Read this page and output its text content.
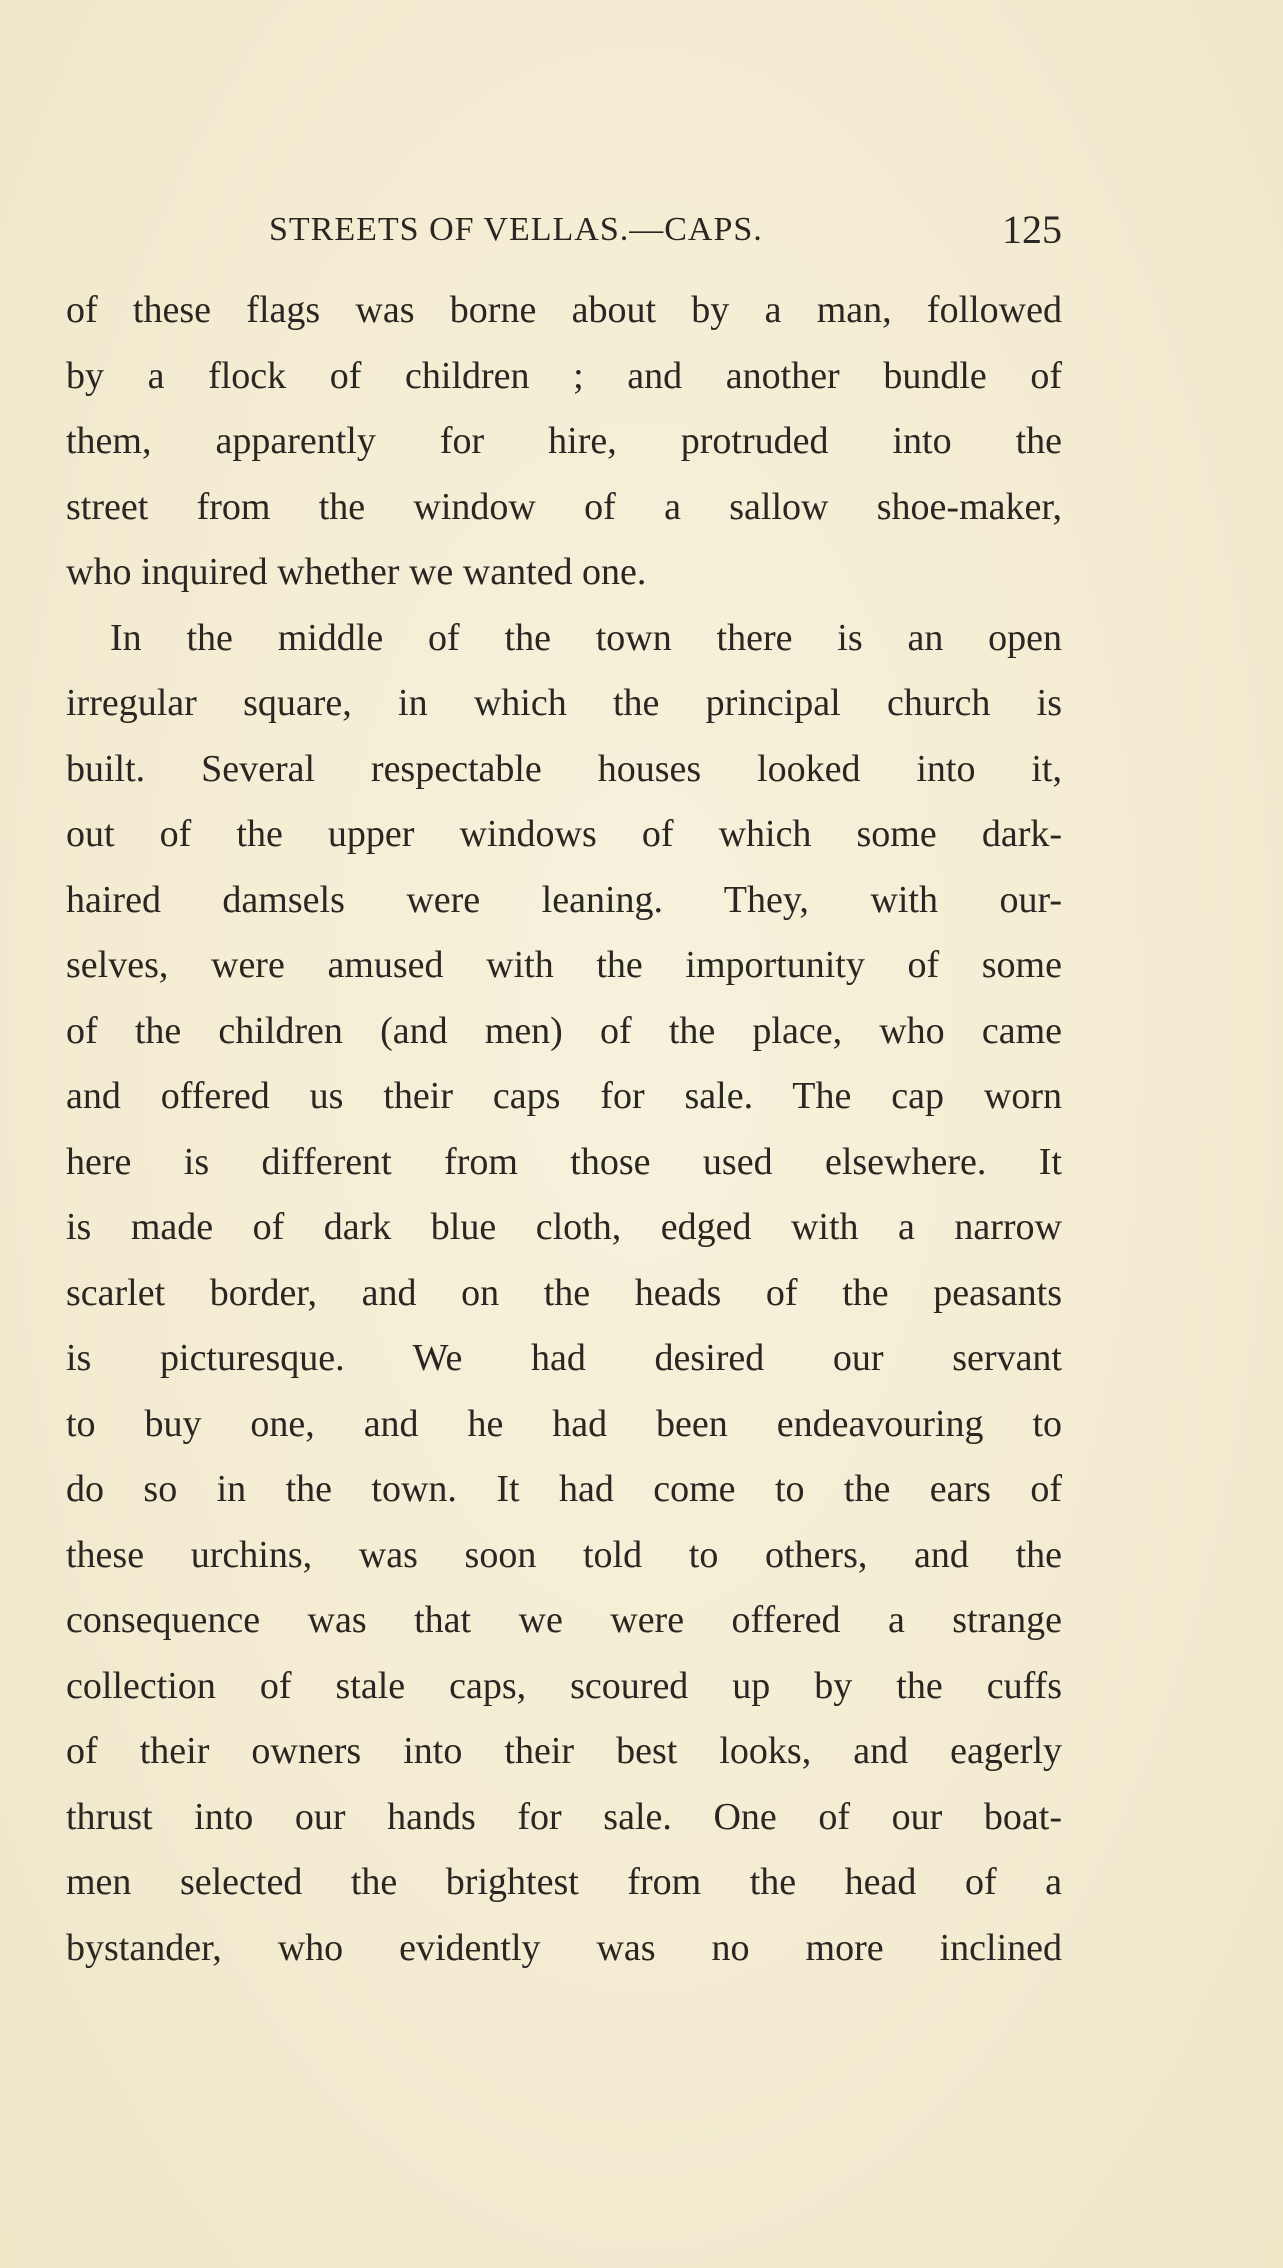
STREETS OF VELLAS.—CAPS.	125
of these flags was borne about by a man, followed
by a flock of children ; and another bundle of
them, apparently for hire, protruded into the
street from the window of a sallow shoe-maker,
who inquired whether we wanted one.
In the middle of the town there is an open
irregular square, in which the principal church is
built. Several respectable houses looked into it,
out of the upper windows of which some dark-
haired damsels were leaning. They, with our-
selves, were amused with the importunity of some
of the children (and men) of the place, who came
and offered us their caps for sale. The cap worn
here is different from those used elsewhere. It
is made of dark blue cloth, edged with a narrow
scarlet border, and on the heads of the peasants
is picturesque. We had desired our servant
to buy one, and he had been endeavouring to
do so in the town. It had come to the ears of
these urchins, was soon told to others, and the
consequence was that we were offered a strange
collection of stale caps, scoured up by the cuffs
of their owners into their best looks, and eagerly
thrust into our hands for sale. One of our boat-
men selected the brightest from the head of a
bystander, who evidently was no more inclined
